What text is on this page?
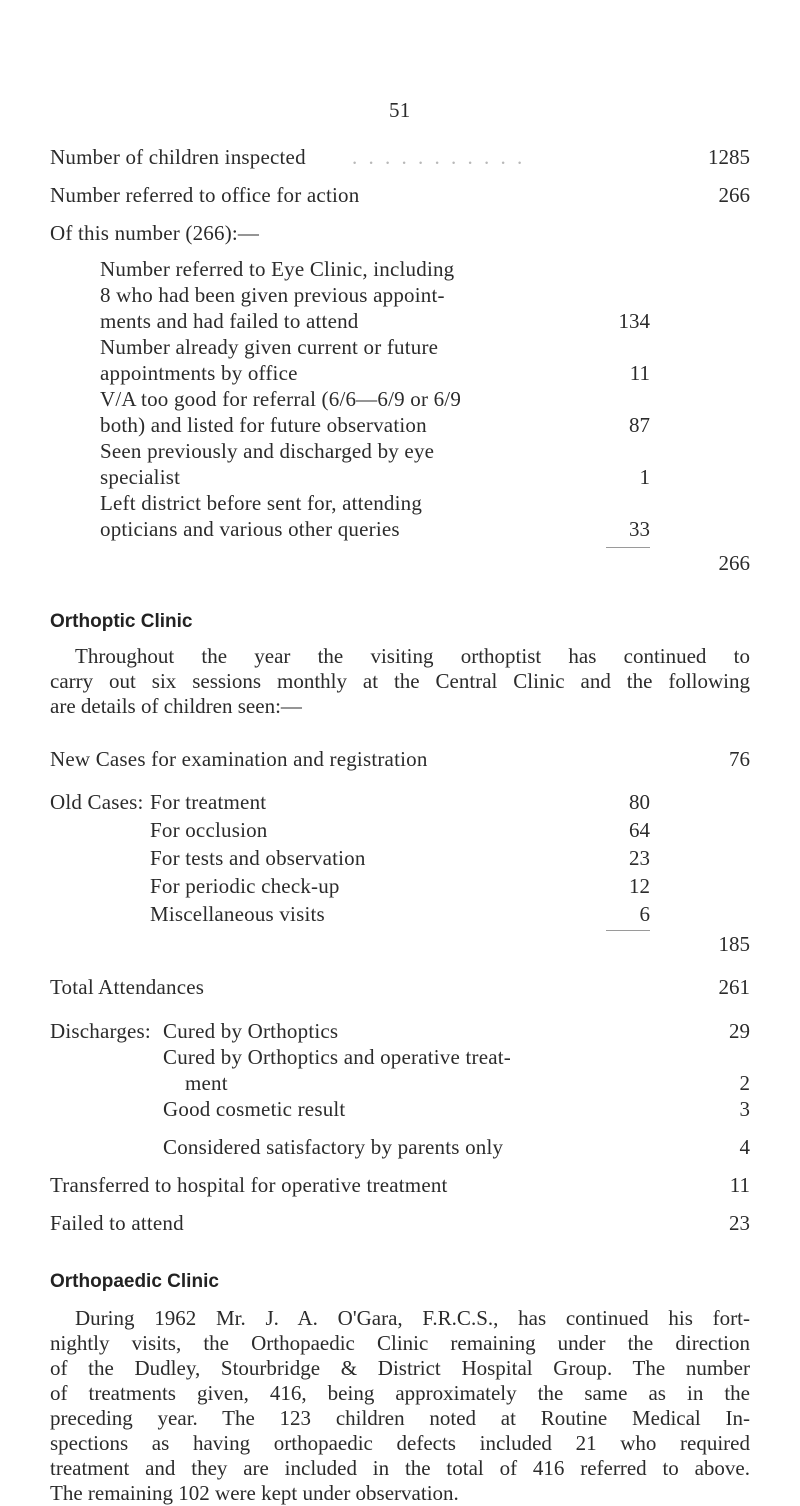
51
Number of children inspected . . . . . . . . . . .	1285
Number referred to office for action	266
Of this number (266):—
Number referred to Eye Clinic, including
8 who had been given previous appoint-
ments and had failed to attend	134
Number already given current or future
appointments by office	11
V/A too good for referral (6/6—6/9 or 6/9
both) and listed for future observation	87
Seen previously and discharged by eye
specialist	1
Left district before sent for, attending
opticians and various other queries	33
266
Orthoptic Clinic
Throughout the year the visiting orthoptist has continued to
carry out six sessions monthly at the Central Clinic and the following
are details of children seen:—
New Cases for examination and registration	76
Old Cases: For treatment	80
For occlusion	64
For tests and observation	23
For periodic check-up	12
Miscellaneous visits	6
185
Total Attendances	261
Discharges: Cured by Orthoptics	29
Cured by Orthoptics and operative treat-
ment	2
Good cosmetic result	3
Considered satisfactory by parents only	4
Transferred to hospital for operative treatment	11
Failed to attend	23
Orthopaedic Clinic
During 1962 Mr. J. A. O'Gara, F.R.C.S., has continued his fort-
nightly visits, the Orthopaedic Clinic remaining under the direction
of the Dudley, Stourbridge & District Hospital Group. The number
of treatments given, 416, being approximately the same as in the
preceding year. The 123 children noted at Routine Medical In-
spections as having orthopaedic defects included 21 who required
treatment and they are included in the total of 416 referred to above.
The remaining 102 were kept under observation.
